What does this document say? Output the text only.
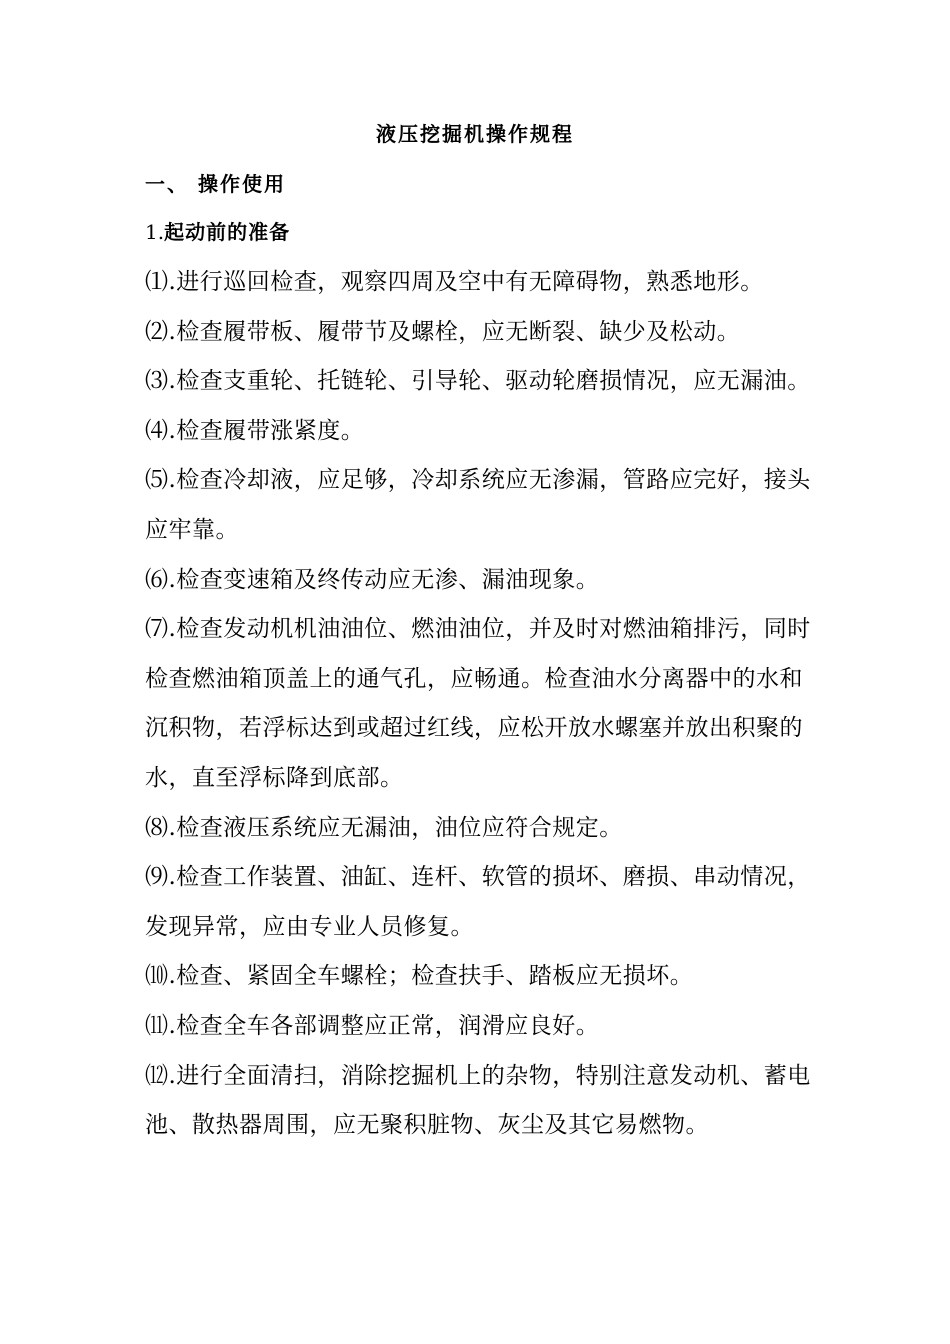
液压挖掘机操作规程
一、 操作使用
1.起动前的准备

⑴.进行巡回检查，观察四周及空中有无障碍物，熟悉地形。

⑵.检查履带板、履带节及螺栓，应无断裂、缺少及松动。

⑶.检查支重轮、托链轮、引导轮、驱动轮磨损情况，应无漏油。

⑷.检查履带涨紧度。

⑸.检查冷却液，应足够，冷却系统应无渗漏，管路应完好，接头应牢靠。

⑹.检查变速箱及终传动应无渗、漏油现象。

⑺.检查发动机机油油位、燃油油位，并及时对燃油箱排污，同时检查燃油箱顶盖上的通气孔，应畅通。检查油水分离器中的水和沉积物，若浮标达到或超过红线，应松开放水螺塞并放出积聚的水，直至浮标降到底部。

⑻.检查液压系统应无漏油，油位应符合规定。

⑼.检查工作装置、油缸、连杆、软管的损坏、磨损、串动情况，发现异常，应由专业人员修复。

⑽.检查、紧固全车螺栓；检查扶手、踏板应无损坏。

⑾.检查全车各部调整应正常，润滑应良好。

⑿.进行全面清扫，消除挖掘机上的杂物，特别注意发动机、蓄电池、散热器周围，应无聚积脏物、灰尘及其它易燃物。
